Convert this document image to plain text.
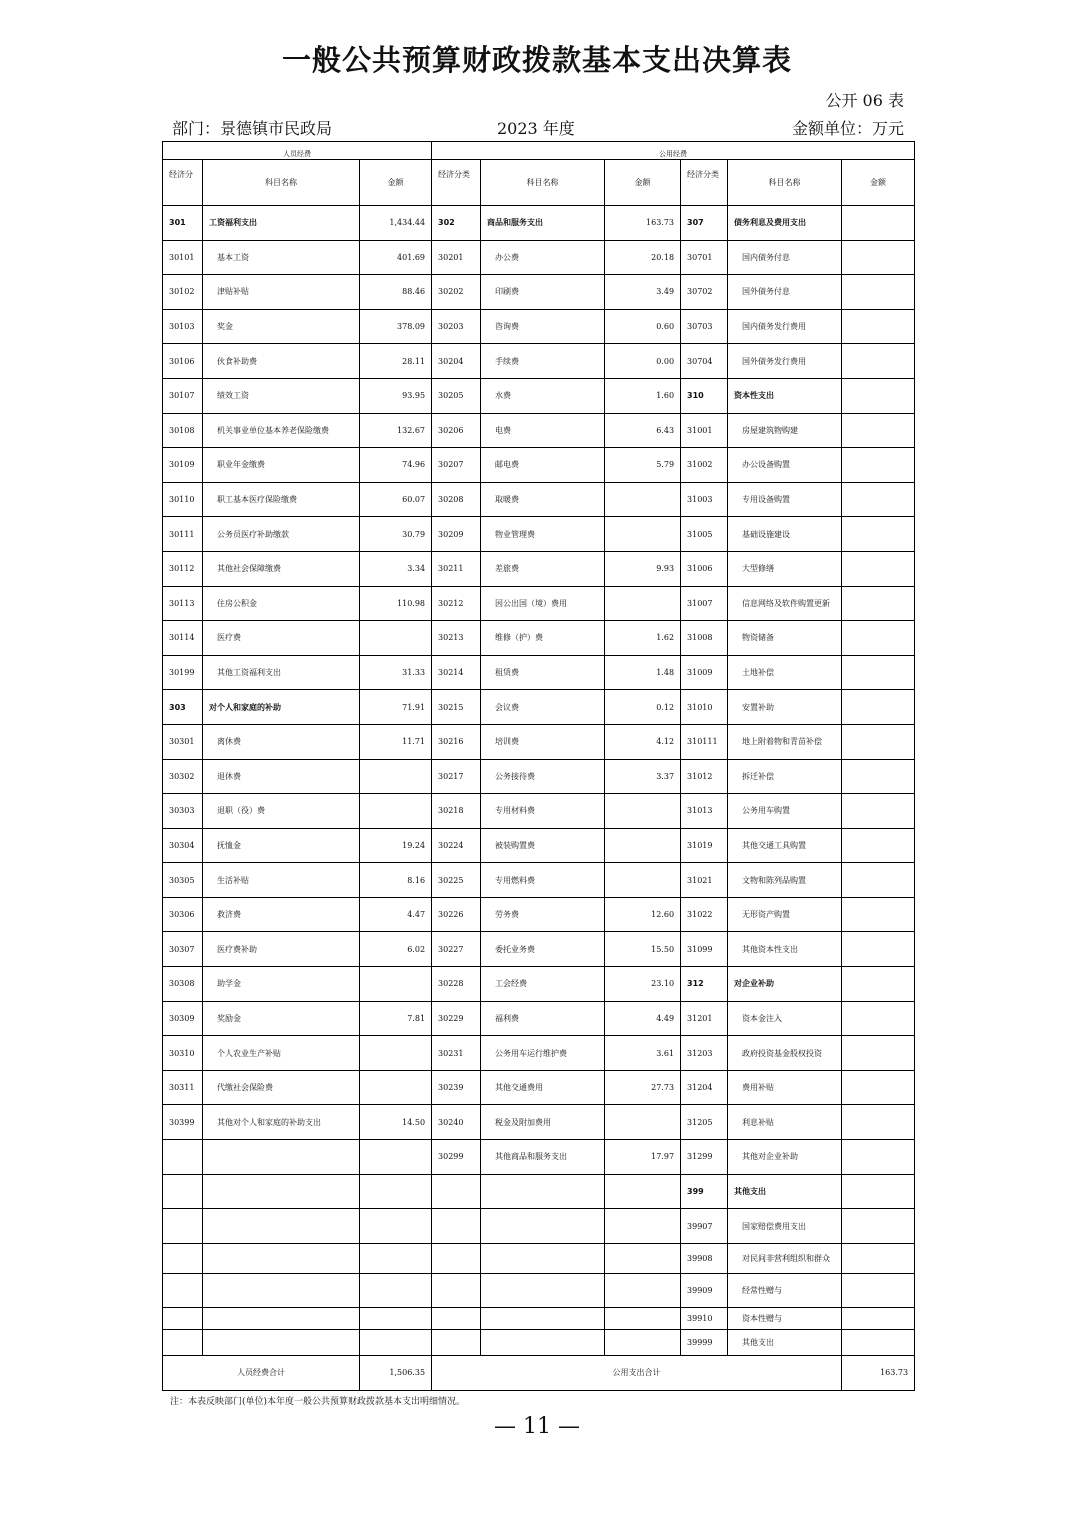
一般公共预算财政拨款基本支出决算表
公开 06 表
部门：景德镇市民政局	2023 年度	金额单位：万元
人员经费			公用经费					
经济分	科目名称	金额	经济分类	科目名称	金额	经济分类	科目名称	金额
301	工资福利支出	1,434.44	302	商品和服务支出	163.73	307	债务利息及费用支出	
30101	基本工资	401.69	30201	办公费	20.18	30701	国内债务付息	
30102	津贴补贴	88.46	30202	印刷费	3.49	30702	国外债务付息	
30103	奖金	378.09	30203	咨询费	0.60	30703	国内债务发行费用	
30106	伙食补助费	28.11	30204	手续费	0.00	30704	国外债务发行费用	
30107	绩效工资	93.95	30205	水费	1.60	310	资本性支出	
30108	机关事业单位基本养老保险缴费	132.67	30206	电费	6.43	31001	房屋建筑物购建	
30109	职业年金缴费	74.96	30207	邮电费	5.79	31002	办公设备购置	
30110	职工基本医疗保险缴费	60.07	30208	取暖费		31003	专用设备购置	
30111	公务员医疗补助缴款	30.79	30209	物业管理费		31005	基础设施建设	
30112	其他社会保障缴费	3.34	30211	差旅费	9.93	31006	大型修缮	
30113	住房公积金	110.98	30212	因公出国（境）费用		31007	信息网络及软件购置更新	
30114	医疗费		30213	维修（护）费	1.62	31008	物资储备	
30199	其他工资福利支出	31.33	30214	租赁费	1.48	31009	土地补偿	
303	对个人和家庭的补助	71.91	30215	会议费	0.12	31010	安置补助	
30301	离休费	11.71	30216	培训费	4.12	310111	地上附着物和青苗补偿	
30302	退休费		30217	公务接待费	3.37	31012	拆迁补偿	
30303	退职（役）费		30218	专用材料费		31013	公务用车购置	
30304	抚恤金	19.24	30224	被装购置费		31019	其他交通工具购置	
30305	生活补贴	8.16	30225	专用燃料费		31021	文物和陈列品购置	
30306	救济费	4.47	30226	劳务费	12.60	31022	无形资产购置	
30307	医疗费补助	6.02	30227	委托业务费	15.50	31099	其他资本性支出	
30308	助学金		30228	工会经费	23.10	312	对企业补助	
30309	奖励金	7.81	30229	福利费	4.49	31201	资本金注入	
30310	个人农业生产补贴		30231	公务用车运行维护费	3.61	31203	政府投资基金股权投资	
30311	代缴社会保险费		30239	其他交通费用	27.73	31204	费用补贴	
30399	其他对个人和家庭的补助支出	14.50	30240	税金及附加费用		31205	利息补贴	
			30299	其他商品和服务支出	17.97	31299	其他对企业补助	
						399	其他支出	
						39907	国家赔偿费用支出	
						39908	对民间非营利组织和群众	
						39909	经常性赠与	
						39910	资本性赠与	
						39999	其他支出	
人员经费合计		1,506.35	公用支出合计					163.73
注：本表反映部门(单位)本年度一般公共预算财政拨款基本支出明细情况。
— 11 —
